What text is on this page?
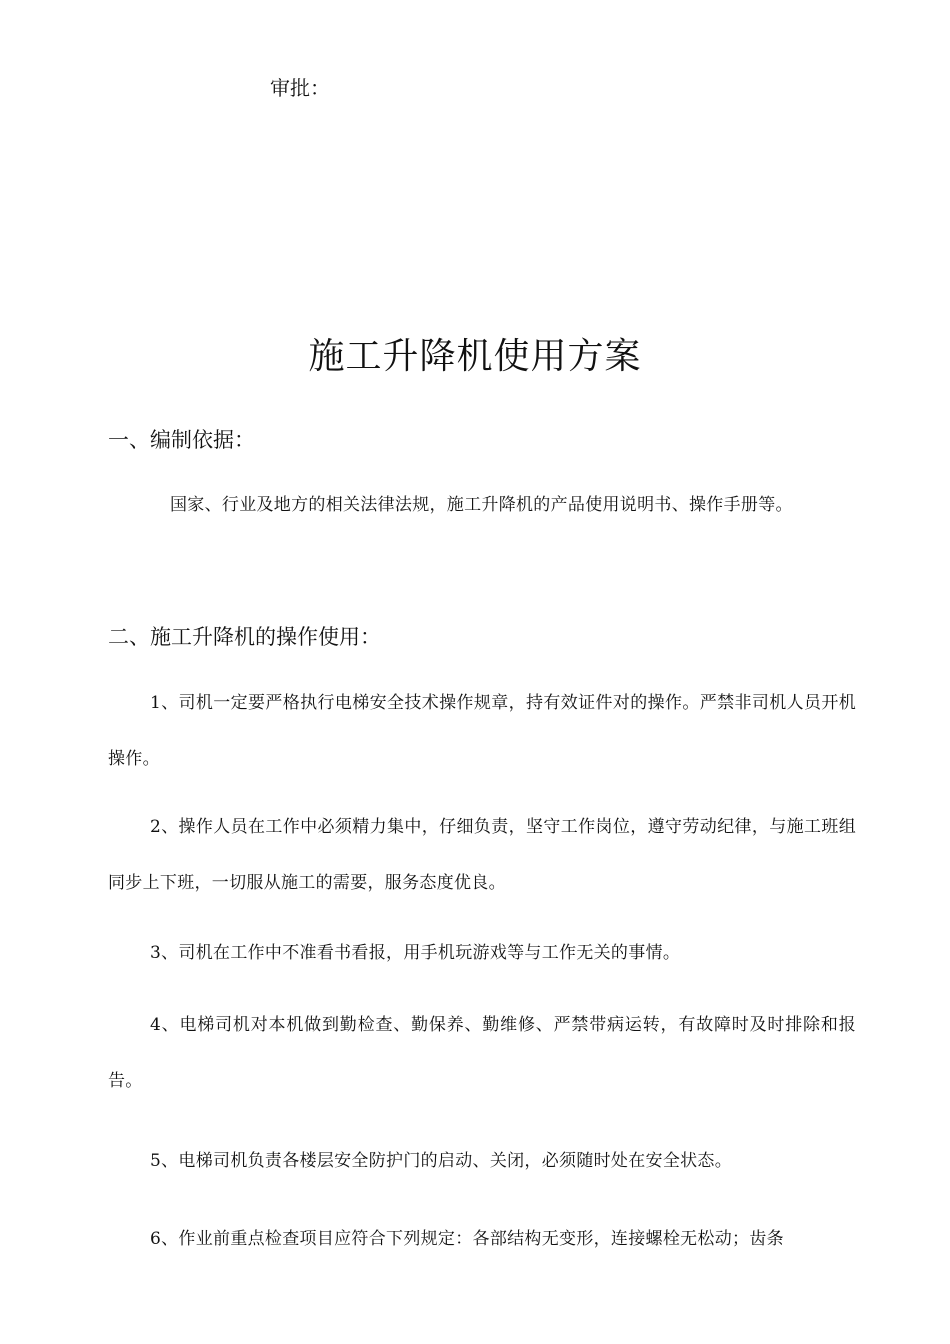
审批：
施工升降机使用方案
一、编制依据：
国家、行业及地方的相关法律法规，施工升降机的产品使用说明书、操作手册等。
二、施工升降机的操作使用：
1、司机一定要严格执行电梯安全技术操作规章，持有效证件对的操作。严禁非司机人员开机操作。
2、操作人员在工作中必须精力集中，仔细负责，坚守工作岗位，遵守劳动纪律，与施工班组同步上下班，一切服从施工的需要，服务态度优良。
3、司机在工作中不准看书看报，用手机玩游戏等与工作无关的事情。
4、电梯司机对本机做到勤检查、勤保养、勤维修、严禁带病运转，有故障时及时排除和报告。
5、电梯司机负责各楼层安全防护门的启动、关闭，必须随时处在安全状态。
6、作业前重点检查项目应符合下列规定：各部结构无变形，连接螺栓无松动；齿条
